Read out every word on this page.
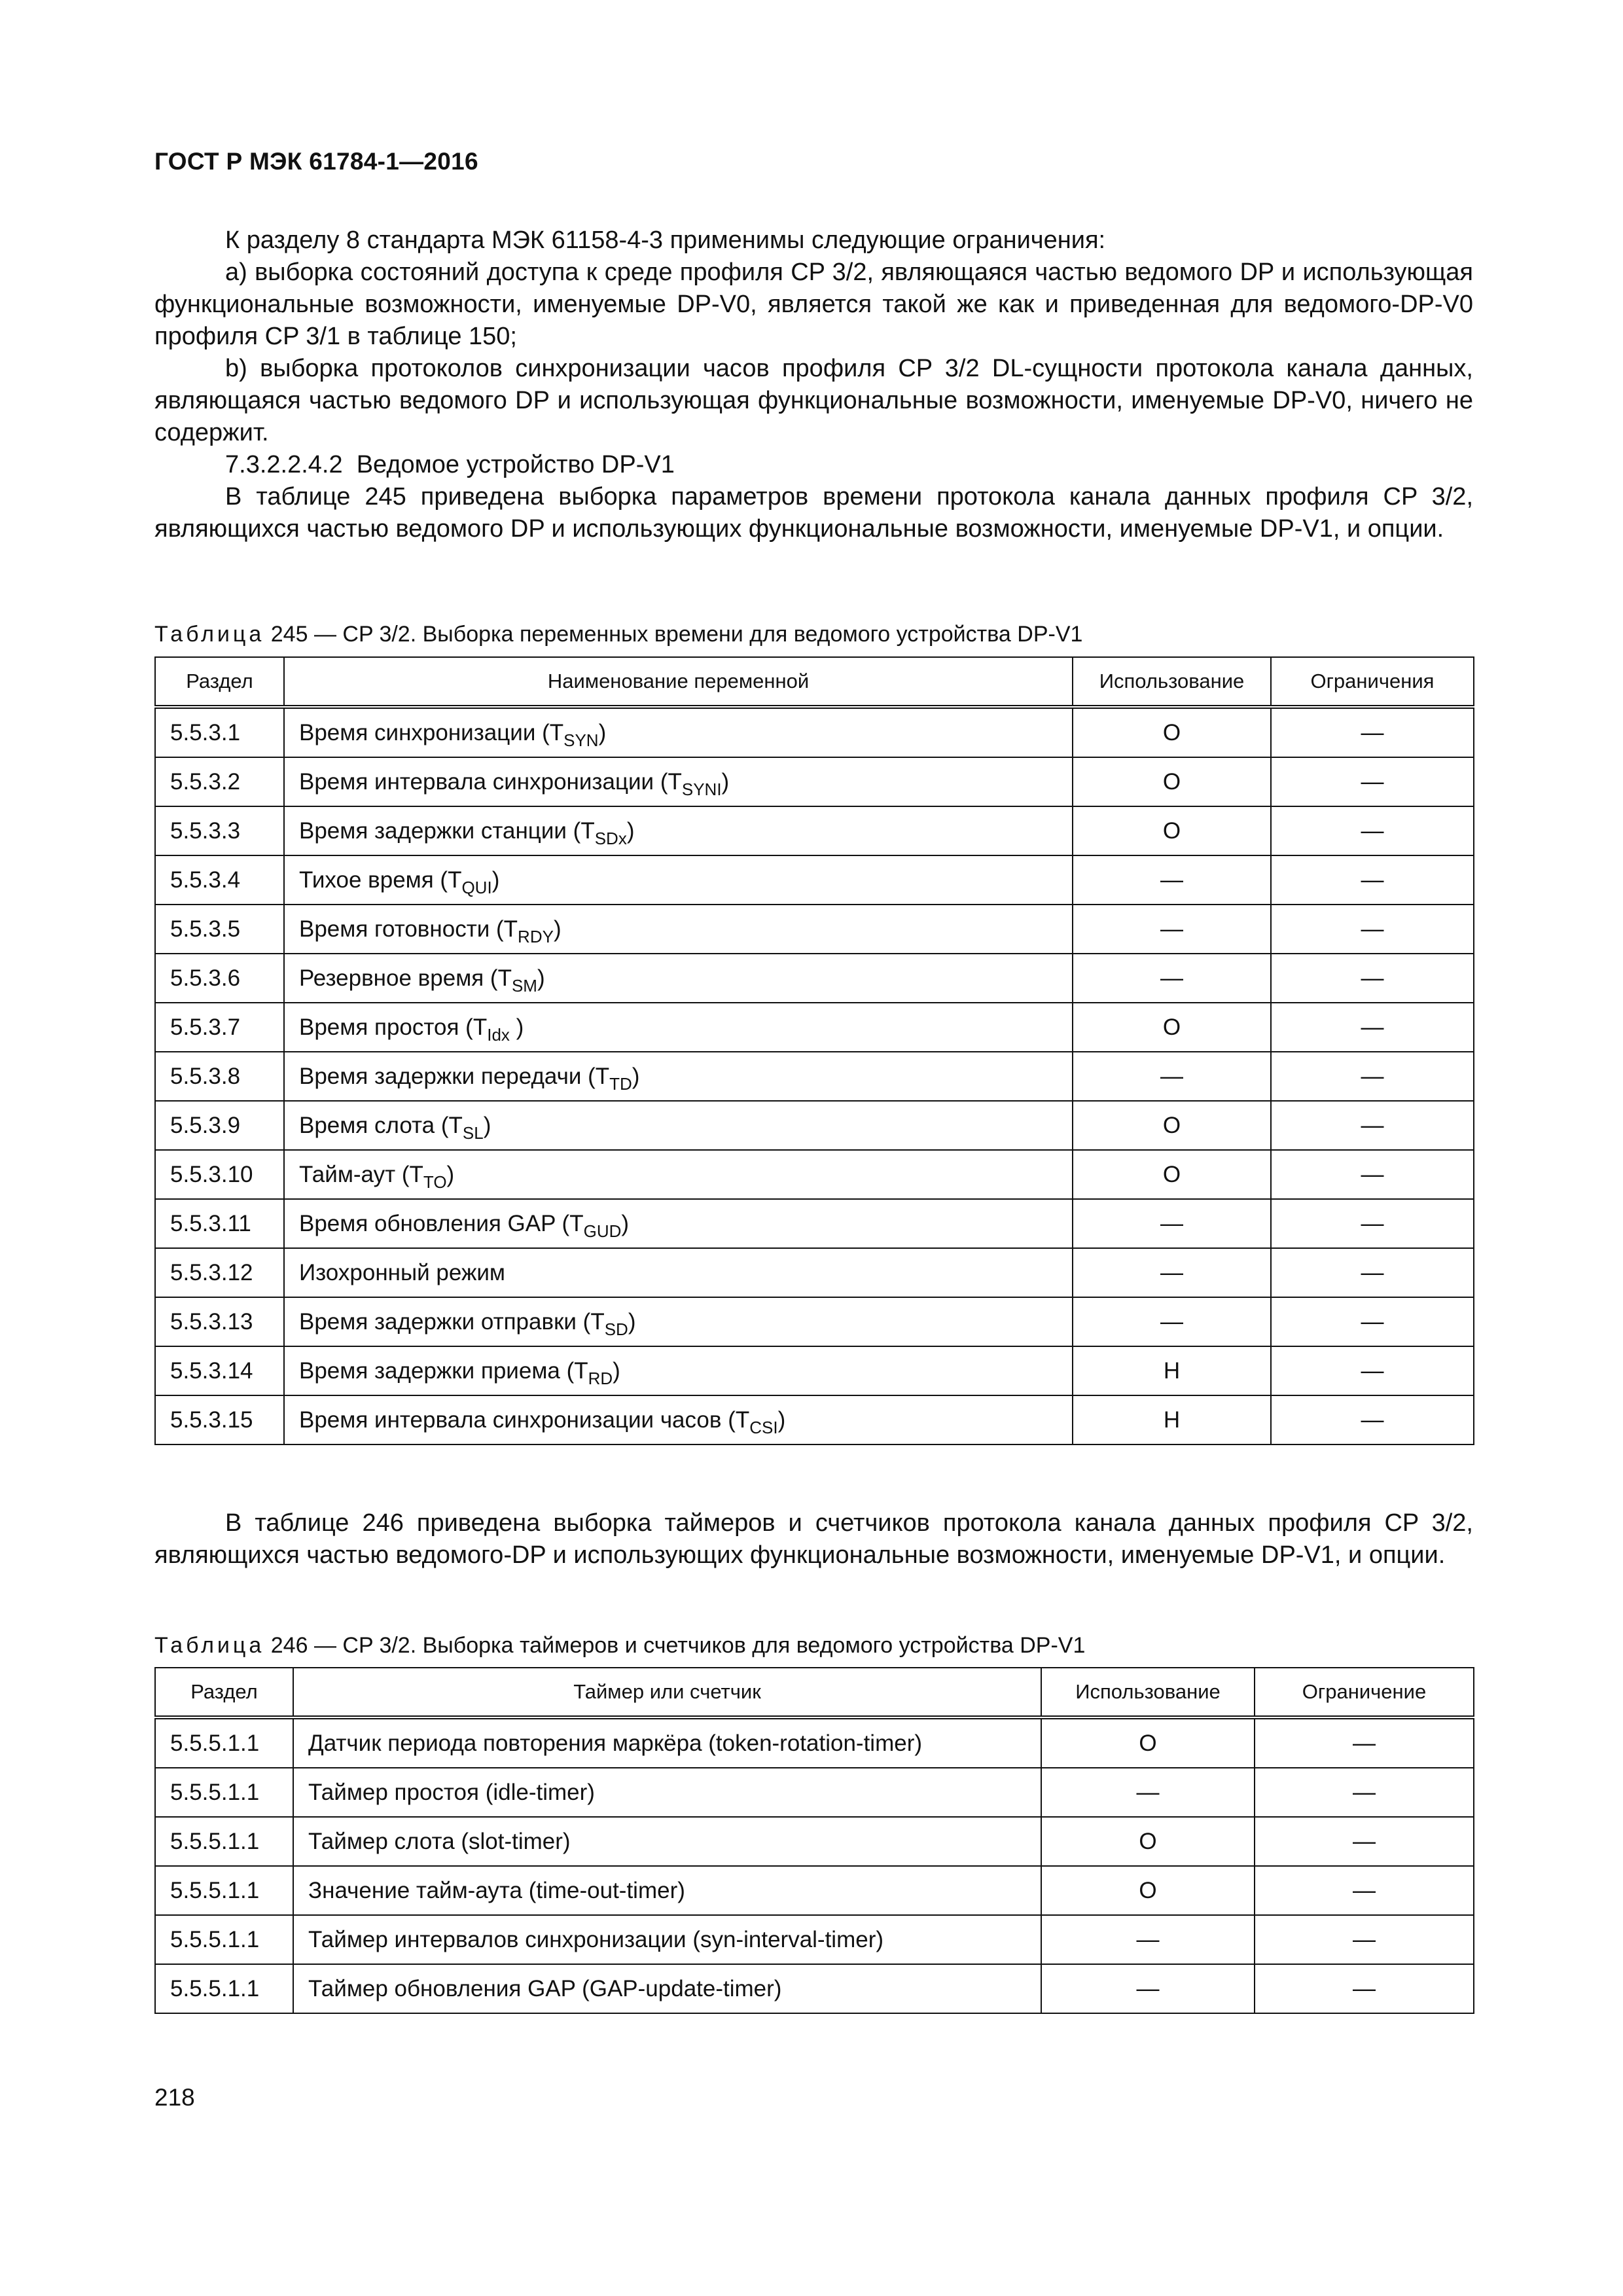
ГОСТ Р МЭК 61784-1—2016

К разделу 8 стандарта МЭК 61158-4-3 применимы следующие ограничения:

а) выборка состояний доступа к среде профиля CP 3/2, являющаяся частью ведомого DP и использующая функциональные возможности, именуемые DP-V0, является такой же как и приведенная для ведомого-DP-V0 профиля CP 3/1 в таблице 150;

b) выборка протоколов синхронизации часов профиля CP 3/2 DL-сущности протокола канала данных, являющаяся частью ведомого DP и использующая функциональные возможности, именуемые DP-V0, ничего не содержит.

7.3.2.2.4.2  Ведомое устройство DP-V1

В таблице 245 приведена выборка параметров времени протокола канала данных профиля CP 3/2, являющихся частью ведомого DP и использующих функциональные возможности, именуемые DP-V1, и опции.

Таблица 245 — CP 3/2. Выборка переменных времени для ведомого устройства DP-V1
Раздел	Наименование переменной	Использование	Ограничения
5.5.3.1	Время синхронизации $(T_{SYN})$	O	—
5.5.3.2	Время интервала синхронизации $(T_{SYNI})$	O	—
5.5.3.3	Время задержки станции $(T_{SDx})$	O	—
5.5.3.4	Тихое время $(T_{QUI})$	—	—
5.5.3.5	Время готовности $(T_{RDY})$	—	—
5.5.3.6	Резервное время $(T_{SM})$	—	—
5.5.3.7	Время простоя ($T_{Idx}$ )	O	—
5.5.3.8	Время задержки передачи $(T_{TD})$	—	—
5.5.3.9	Время слота $(T_{SL})$	O	—
5.5.3.10	Тайм-аут $(T_{TO})$	O	—
5.5.3.11	Время обновления GAP $(T_{GUD})$	—	—
5.5.3.12	Изохронный режим	—	—
5.5.3.13	Время задержки отправки $(T_{SD})$	—	—
5.5.3.14	Время задержки приема $(T_{RD})$	H	—
5.5.3.15	Время интервала синхронизации часов $(T_{CSI})$	H	—

В таблице 246 приведена выборка таймеров и счетчиков протокола канала данных профиля CP 3/2, являющихся частью ведомого-DP и использующих функциональные возможности, именуемые DP-V1, и опции.

Таблица 246 — CP 3/2. Выборка таймеров и счетчиков для ведомого устройства DP-V1
Раздел	Таймер или счетчик	Использование	Ограничение
5.5.5.1.1	Датчик периода повторения маркёра (token-rotation-timer)	O	—
5.5.5.1.1	Таймер простоя (idle-timer)	—	—
5.5.5.1.1	Таймер слота (slot-timer)	O	—
5.5.5.1.1	Значение тайм-аута (time-out-timer)	O	—
5.5.5.1.1	Таймер интервалов синхронизации (syn-interval-timer)	—	—
5.5.5.1.1	Таймер обновления GAP (GAP-update-timer)	—	—
218
